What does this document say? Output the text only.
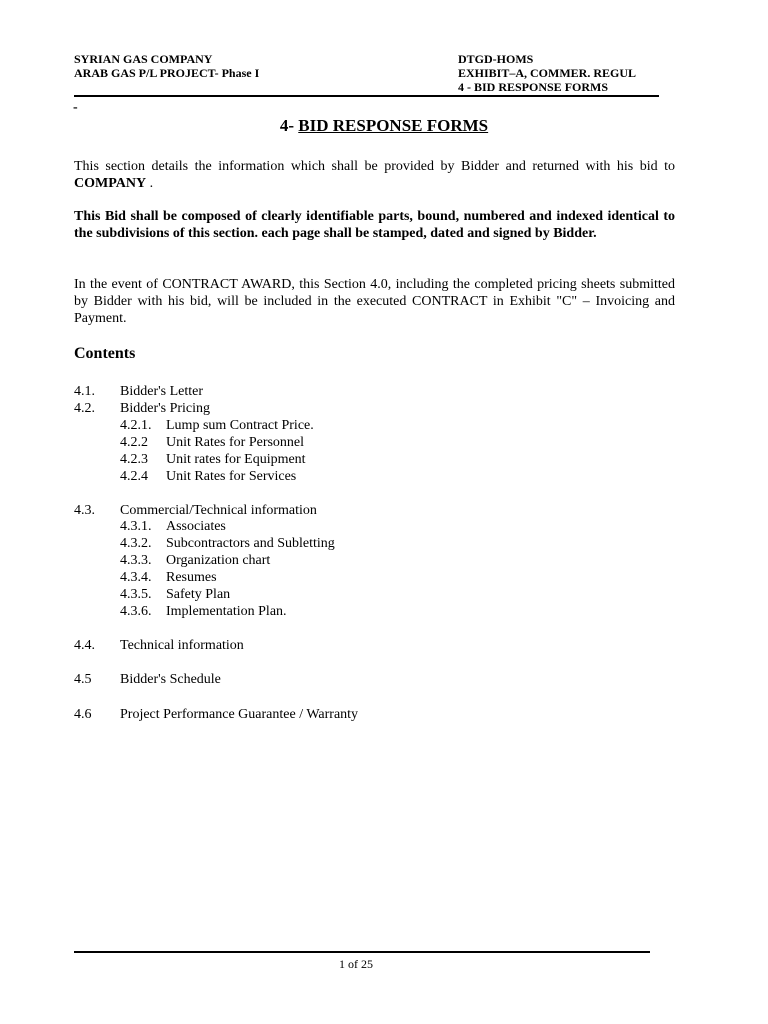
SYRIAN GAS COMPANY
ARAB GAS P/L PROJECT- Phase I
DTGD-HOMS
EXHIBIT–A, COMMER. REGUL
4 - BID RESPONSE FORMS
-
4- BID RESPONSE FORMS
This section details the information which shall be provided by Bidder and returned with his bid to COMPANY .
This Bid shall be composed of clearly identifiable parts, bound, numbered and indexed identical to the subdivisions of this section. each page shall be stamped, dated and signed by Bidder.
In the event of CONTRACT AWARD, this Section 4.0, including the completed pricing sheets submitted by Bidder with his bid, will be included in the executed CONTRACT in Exhibit "C" – Invoicing and Payment.
Contents
4.1. Bidder's Letter
4.2. Bidder's Pricing
4.2.1. Lump sum Contract Price.
4.2.2 Unit Rates for Personnel
4.2.3 Unit rates for Equipment
4.2.4 Unit Rates for Services
4.3. Commercial/Technical information
4.3.1. Associates
4.3.2. Subcontractors and Subletting
4.3.3. Organization chart
4.3.4. Resumes
4.3.5. Safety Plan
4.3.6. Implementation Plan.
4.4. Technical information
4.5 Bidder's Schedule
4.6 Project Performance Guarantee / Warranty
1 of 25
